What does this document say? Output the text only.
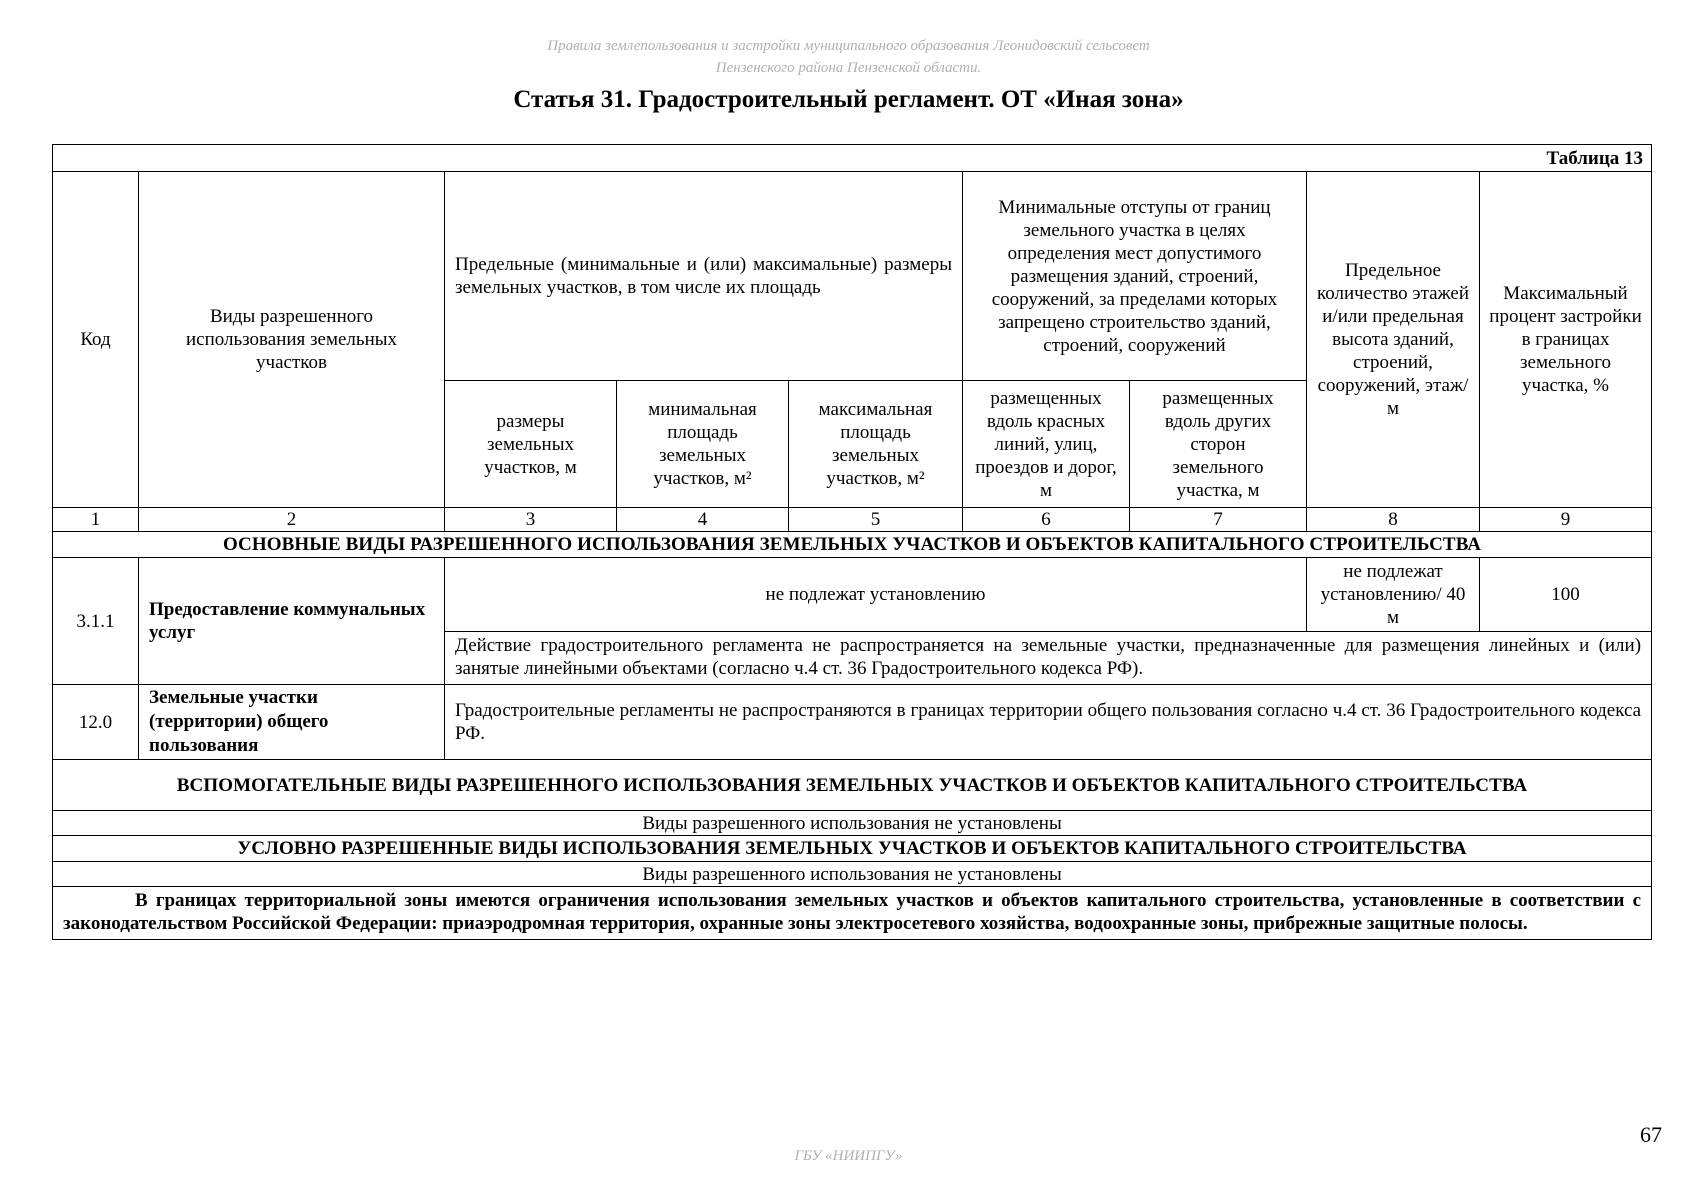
Правила землепользования и застройки муниципального образования Леонидовский сельсовет
Пензенского района Пензенской области.
Статья 31. Градостроительный регламент. ОТ «Иная зона»
Таблица 13								
Код	Виды разрешенного использования земельных участков	Предельные (минимальные и (или) максимальные) размеры земельных участков, в том числе их площадь			Минимальные отступы от границ земельного участка в целях определения мест допустимого размещения зданий, строений, сооружений, за пределами которых запрещено строительство зданий, строений, сооружений		Предельное количество этажей и/или предельная высота зданий, строений, сооружений, этаж/м	Максимальный процент застройки в границах земельного участка, %
		размеры земельных участков, м	минимальная площадь земельных участков, м²	максимальная площадь земельных участков, м²	размещенных вдоль красных линий, улиц, проездов и дорог, м	размещенных вдоль других сторон земельного участка, м		
1	2	3	4	5	6	7	8	9
ОСНОВНЫЕ ВИДЫ РАЗРЕШЕННОГО ИСПОЛЬЗОВАНИЯ ЗЕМЕЛЬНЫХ УЧАСТКОВ И ОБЪЕКТОВ КАПИТАЛЬНОГО СТРОИТЕЛЬСТВА								
3.1.1	Предоставление коммунальных услуг	не подлежат установлению					не подлежат установлению/ 40 м	100
		Действие градостроительного регламента не распространяется на земельные участки, предназначенные для размещения линейных и (или) занятые линейными объектами (согласно ч.4 ст. 36 Градостроительного кодекса РФ).						
12.0	Земельные участки (территории) общего пользования	Градостроительные регламенты не распространяются в границах территории общего пользования согласно ч.4 ст. 36 Градостроительного кодекса РФ.						
ВСПОМОГАТЕЛЬНЫЕ ВИДЫ РАЗРЕШЕННОГО ИСПОЛЬЗОВАНИЯ ЗЕМЕЛЬНЫХ УЧАСТКОВ И ОБЪЕКТОВ КАПИТАЛЬНОГО СТРОИТЕЛЬСТВА								
Виды разрешенного использования не установлены								
УСЛОВНО РАЗРЕШЕННЫЕ ВИДЫ ИСПОЛЬЗОВАНИЯ ЗЕМЕЛЬНЫХ УЧАСТКОВ И ОБЪЕКТОВ КАПИТАЛЬНОГО СТРОИТЕЛЬСТВА								
Виды разрешенного использования не установлены								
В границах территориальной зоны имеются ограничения использования земельных участков и объектов капитального строительства, установленные в соответствии с законодательством Российской Федерации: приаэродромная территория, охранные зоны электросетевого хозяйства, водоохранные зоны, прибрежные защитные полосы.								
67
ГБУ «НИИПГУ»
